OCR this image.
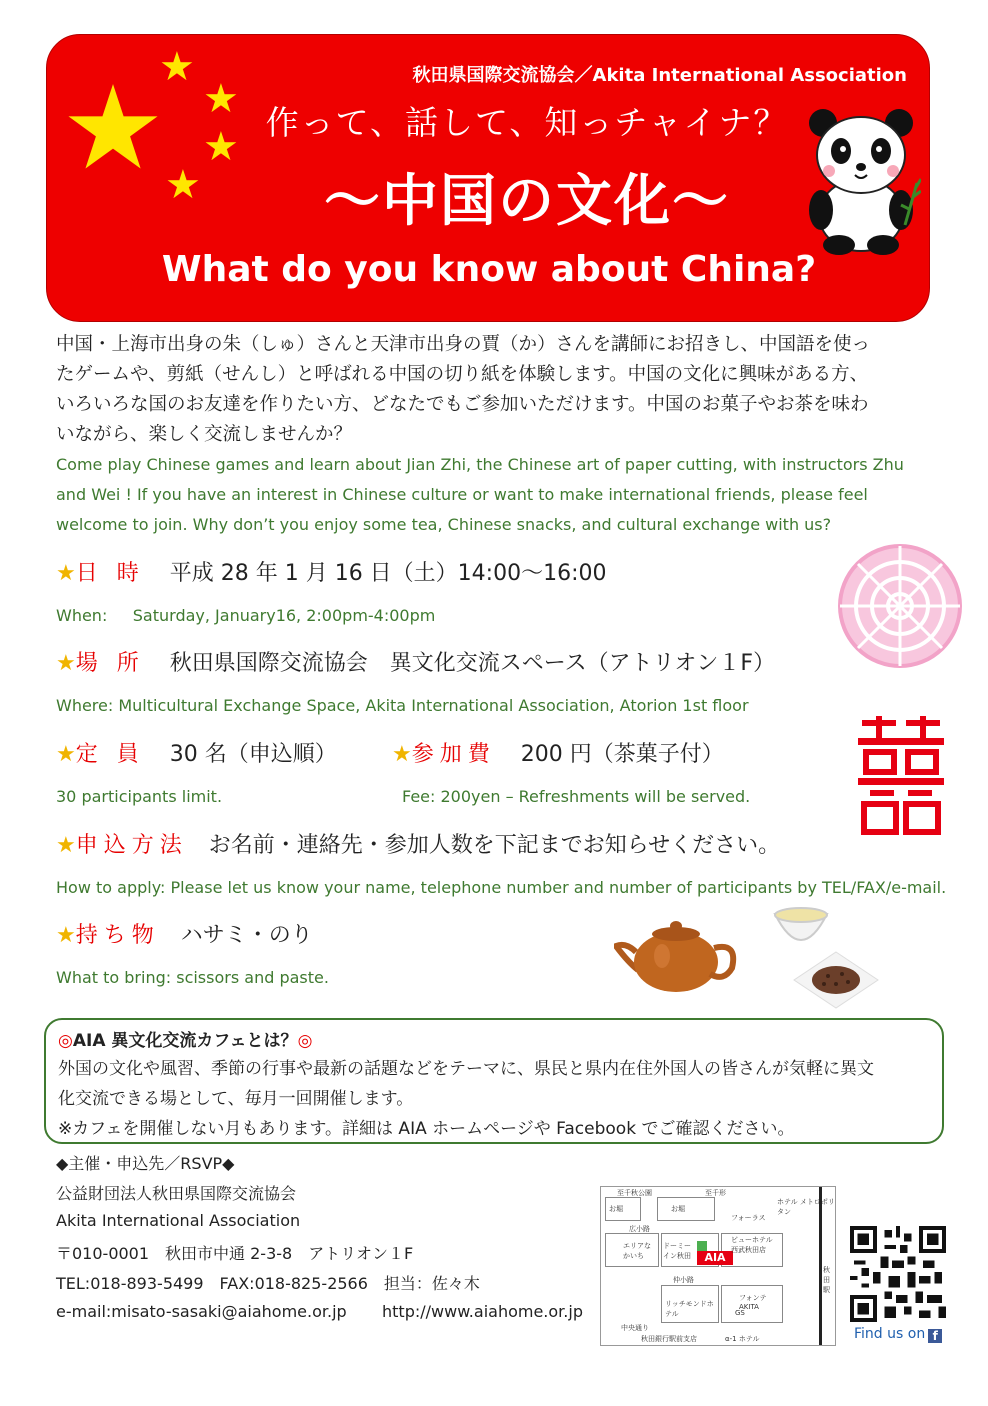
★
★
★
★
★
秋田県国際交流協会／Akita International Association
作って、話して、知っチャイナ？
～中国の文化～
What do you know about China?
中国・上海市出身の朱（しゅ）さんと天津市出身の賈（か）さんを講師にお招きし、中国語を使っ
たゲームや、剪紙（せんし）と呼ばれる中国の切り紙を体験します。中国の文化に興味がある方、
いろいろな国のお友達を作りたい方、どなたでもご参加いただけます。中国のお菓子やお茶を味わ
いながら、楽しく交流しませんか？
Come play Chinese games and learn about Jian Zhi, the Chinese art of paper cutting, with instructors Zhu
and Wei ! If you have an interest in Chinese culture or want to make international friends, please feel
welcome to join. Why don’t you enjoy some tea, Chinese snacks, and cultural exchange with us?
★日 時 平成 28 年 1 月 16 日（土）14:00～16:00
When:     Saturday, January16, 2:00pm-4:00pm
★場 所 秋田県国際交流協会　異文化交流スペース（アトリオン１F）
Where: Multicultural Exchange Space, Akita International Association, Atorion 1st floor
★定 員 30 名（申込順）	★参加費 200 円（茶菓子付）
30 participants limit.	Fee: 200yen – Refreshments will be served.
★申込方法 お名前・連絡先・参加人数を下記までお知らせください。
How to apply: Please let us know your name, telephone number and number of participants by TEL/FAX/e-mail.
★持ち物 ハサミ・のり
What to bring: scissors and paste.
◎AIA 異文化交流カフェとは？◎
外国の文化や風習、季節の行事や最新の話題などをテーマに、県民と県内在住外国人の皆さんが気軽に異文
化交流できる場として、毎月一回開催します。
※カフェを開催しない月もあります。詳細は AIA ホームページや Facebook でご確認ください。
◆主催・申込先／RSVP◆
公益財団法人秋田県国際交流協会
Akita International Association
〒010-0001　秋田市中通 2-3-8　アトリオン１F
TEL:018-893-5499　FAX:018-825-2566　担当：佐々木
e-mail:misato-sasaki@aiahome.or.jp http://www.aiahome.or.jp
AIA
至千秋公園	至千形
お堀	お堀
ホテル メトロポリタン
フォーラス
広小路
エリアなかいち
ドーミーイン秋田
ビューホテル
西武秋田店
仲小路
秋田駅
フォンテ AKITA
リッチモンドホテル	GS
中央通り
秋田銀行駅前支店	α-1 ホテル	Find us on f
